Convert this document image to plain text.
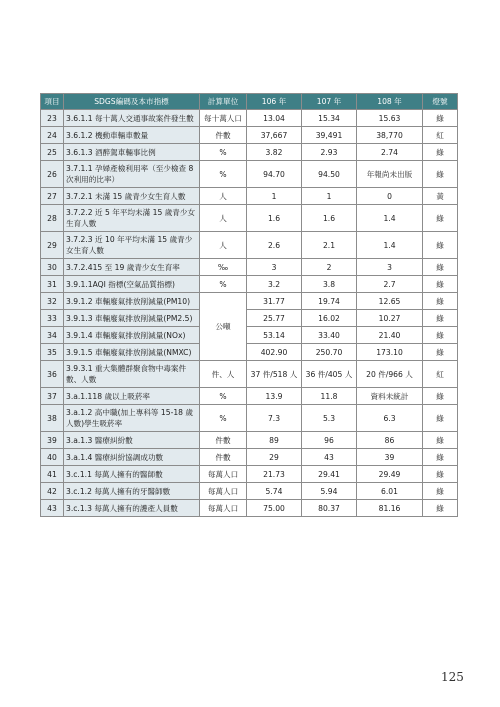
項目	SDGS編碼及本市指標	計算單位	106 年	107 年	108 年	燈號
23	3.6.1.1 每十萬人交通事故案件發生數	每十萬人口	13.04	15.34	15.63	綠
24	3.6.1.2 機動車輛車數量	件數	37,667	39,491	38,770	紅
25	3.6.1.3 酒醉駕車輛事比例	%	3.82	2.93	2.74	綠
26	3.7.1.1 孕婦產檢利用率（至少檢查 8 次利用的比率）	%	94.70	94.50	年報尚未出版	綠
27	3.7.2.1 未滿 15 歲青少女生育人數	人	1	1	0	黃
28	3.7.2.2 近 5 年平均未滿 15 歲青少女生育人數	人	1.6	1.6	1.4	綠
29	3.7.2.3 近 10 年平均未滿 15 歲青少女生育人數	人	2.6	2.1	1.4	綠
30	3.7.2.415 至 19 歲青少女生育率	‰	3	2	3	綠
31	3.9.1.1AQI 指標(空氣品質指標)	%	3.2	3.8	2.7	綠
32	3.9.1.2 車輛廢氣排放削減量(PM10)	公噸	31.77	19.74	12.65	綠
33	3.9.1.3 車輛廢氣排放削減量(PM2.5)		25.77	16.02	10.27	綠
34	3.9.1.4 車輛廢氣排放削減量(NOx)		53.14	33.40	21.40	綠
35	3.9.1.5 車輛廢氣排放削減量(NMXC)		402.90	250.70	173.10	綠
36	3.9.3.1 重大集體群聚食物中毒案件數、人數	件、人	37 件/518 人	36 件/405 人	20 件/966 人	紅
37	3.a.1.118 歲以上吸菸率	%	13.9	11.8	資料未統計	綠
38	3.a.1.2 高中職(加上專科等 15-18 歲人數)學生吸菸率	%	7.3	5.3	6.3	綠
39	3.a.1.3 醫療糾紛數	件數	89	96	86	綠
40	3.a.1.4 醫療糾紛協調成功數	件數	29	43	39	綠
41	3.c.1.1 每萬人擁有的醫師數	每萬人口	21.73	29.41	29.49	綠
42	3.c.1.2 每萬人擁有的牙醫師數	每萬人口	5.74	5.94	6.01	綠
43	3.c.1.3 每萬人擁有的護產人員數	每萬人口	75.00	80.37	81.16	綠
125
